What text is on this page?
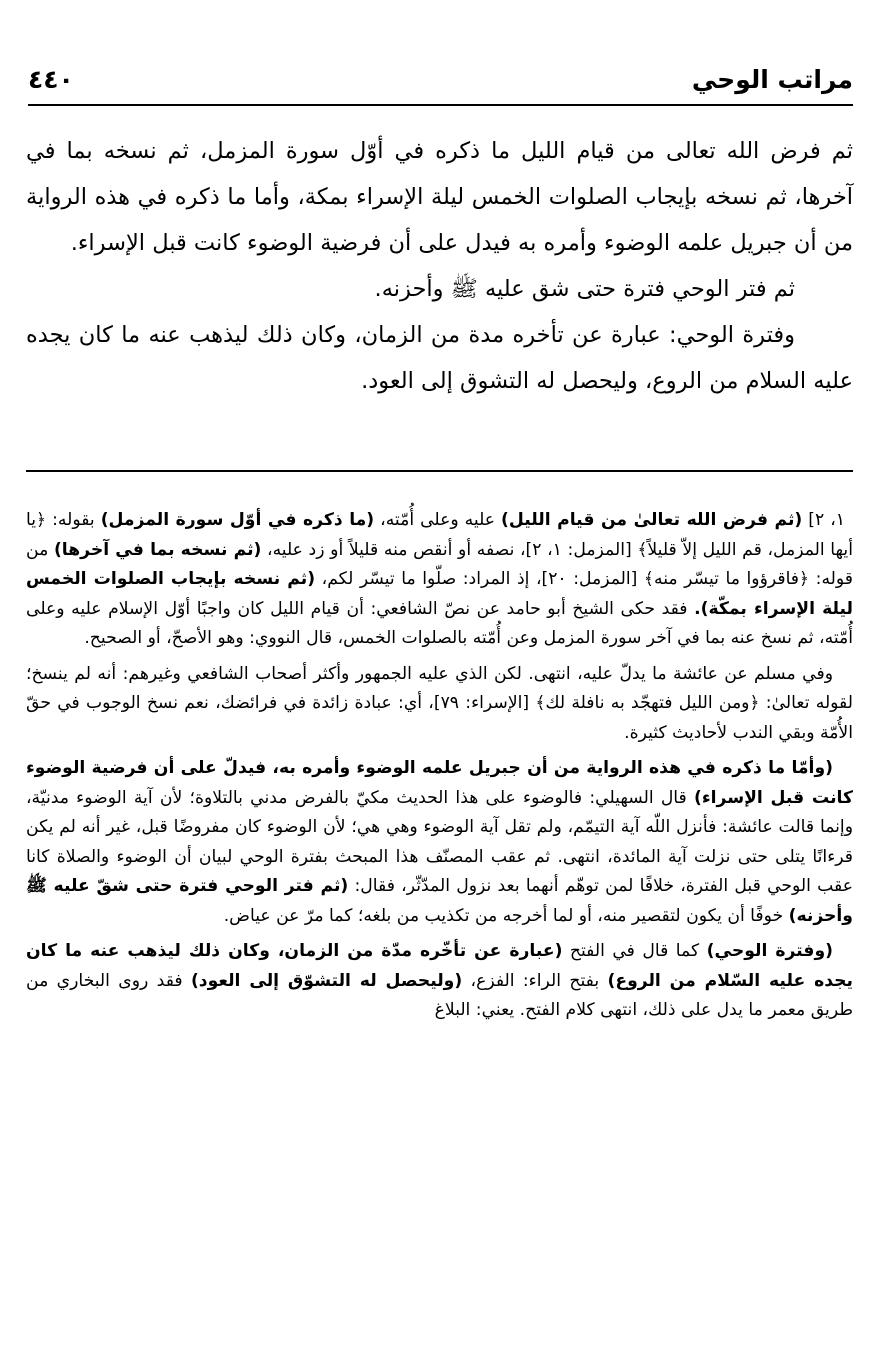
مراتب الوحي
٤٤٠

ثم فرض الله تعالى من قيام الليل ما ذكره في أوّل سورة المزمل، ثم نسخه بما في آخرها، ثم نسخه بإيجاب الصلوات الخمس ليلة الإسراء بمكة، وأما ما ذكره في هذه الرواية من أن جبريل علمه الوضوء وأمره به فيدل على أن فرضية الوضوء كانت قبل الإسراء.

ثم فتر الوحي فترة حتى شق عليه ﷺ وأحزنه.

وفترة الوحي: عبارة عن تأخره مدة من الزمان، وكان ذلك ليذهب عنه ما كان يجده عليه السلام من الروع، وليحصل له التشوق إلى العود.

١، ٢] (ثم فرض الله تعالىٰ من قيام الليل) عليه وعلى أُمّته، (ما ذكره في أوّل سورة المزمل) بقوله: ﴿يا أيها المزمل، قم الليل إلاّ قليلاً﴾ [المزمل: ١، ٢]، نصفه أو أنقص منه قليلاً أو زد عليه، (ثم نسخه بما في آخرها) من قوله: ﴿فاقرؤوا ما تيسّر منه﴾ [المزمل: ٢٠]، إذ المراد: صلّوا ما تيسّر لكم، (ثم نسخه بإيجاب الصلوات الخمس ليلة الإسراء بمكّة). فقد حكى الشيخ أبو حامد عن نصّ الشافعي: أن قيام الليل كان واجبًا أوّل الإسلام عليه وعلى أُمّته، ثم نسخ عنه بما في آخر سورة المزمل وعن أُمّته بالصلوات الخمس، قال النووي: وهو الأصحّ، أو الصحيح.

وفي مسلم عن عائشة ما يدلّ عليه، انتهى. لكن الذي عليه الجمهور وأكثر أصحاب الشافعي وغيرهم: أنه لم ينسخ؛ لقوله تعالىٰ: ﴿ومن الليل فتهجّد به نافلة لك﴾ [الإسراء: ٧٩]، أي: عبادة زائدة في فرائضك، نعم نسخ الوجوب في حقّ الأُمّة وبقي الندب لأحاديث كثيرة.

(وأمّا ما ذكره في هذه الرواية من أن جبريل علمه الوضوء وأمره به، فيدلّ على أن فرضية الوضوء كانت قبل الإسراء) قال السهيلي: فالوضوء على هذا الحديث مكيّ بالفرض مدني بالتلاوة؛ لأن آية الوضوء مدنيّة، وإنما قالت عائشة: فأنزل اللّه آية التيمّم، ولم تقل آية الوضوء وهي هي؛ لأن الوضوء كان مفروضًا قبل، غير أنه لم يكن قرءانًا يتلى حتى نزلت آية المائدة، انتهى. ثم عقب المصنّف هذا المبحث بفترة الوحي لبيان أن الوضوء والصلاة كانا عقب الوحي قبل الفترة، خلافًا لمن توهّم أنهما بعد نزول المدّثّر، فقال: (ثم فتر الوحي فترة حتى شقّ عليه ﷺ وأحزنه) خوفًا أن يكون لتقصير منه، أو لما أخرجه من تكذيب من بلغه؛ كما مرّ عن عياض.

(وفترة الوحي) كما قال في الفتح (عبارة عن تأخّره مدّة من الزمان، وكان ذلك ليذهب عنه ما كان يجده عليه السّلام من الروع) بفتح الراء: الفزع، (وليحصل له التشوّق إلى العود) فقد روى البخاري من طريق معمر ما يدل على ذلك، انتهى كلام الفتح. يعني: البلاغ
